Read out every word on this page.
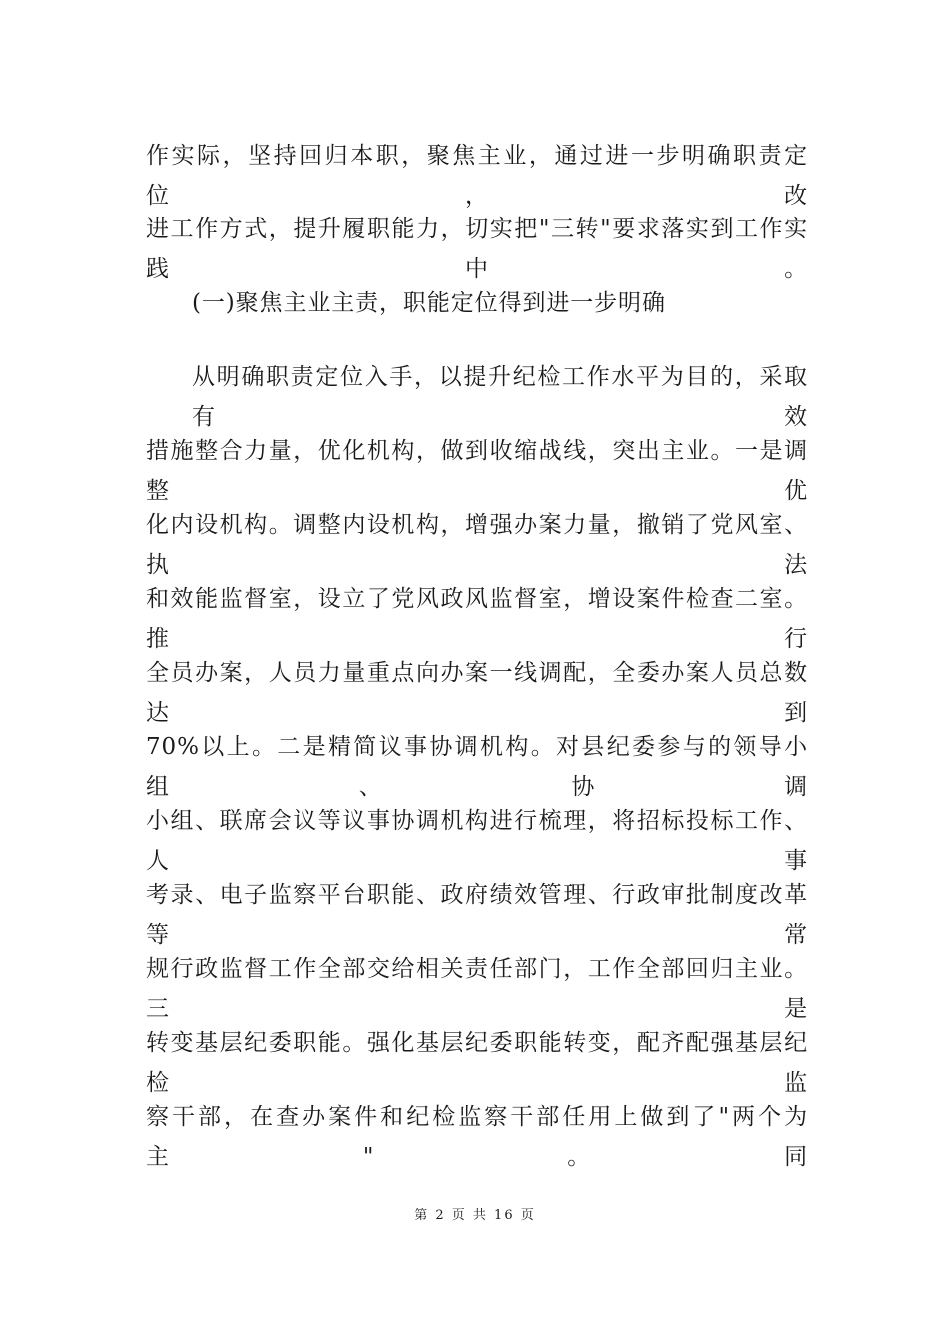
作实际，坚持回归本职，聚焦主业，通过进一步明确职责定位，改
进工作方式，提升履职能力，切实把"三转"要求落实到工作实践中。
(一)聚焦主业主责，职能定位得到进一步明确
从明确职责定位入手，以提升纪检工作水平为目的，采取有效
措施整合力量，优化机构，做到收缩战线，突出主业。一是调整优
化内设机构。调整内设机构，增强办案力量，撤销了党风室、执法
和效能监督室，设立了党风政风监督室，增设案件检查二室。推行
全员办案，人员力量重点向办案一线调配，全委办案人员总数达到
70%以上。二是精简议事协调机构。对县纪委参与的领导小组、协调
小组、联席会议等议事协调机构进行梳理，将招标投标工作、人事
考录、电子监察平台职能、政府绩效管理、行政审批制度改革等常
规行政监督工作全部交给相关责任部门，工作全部回归主业。三是
转变基层纪委职能。强化基层纪委职能转变，配齐配强基层纪检监
察干部，在查办案件和纪检监察干部任用上做到了"两个为主"。同
第 2 页 共 16 页
